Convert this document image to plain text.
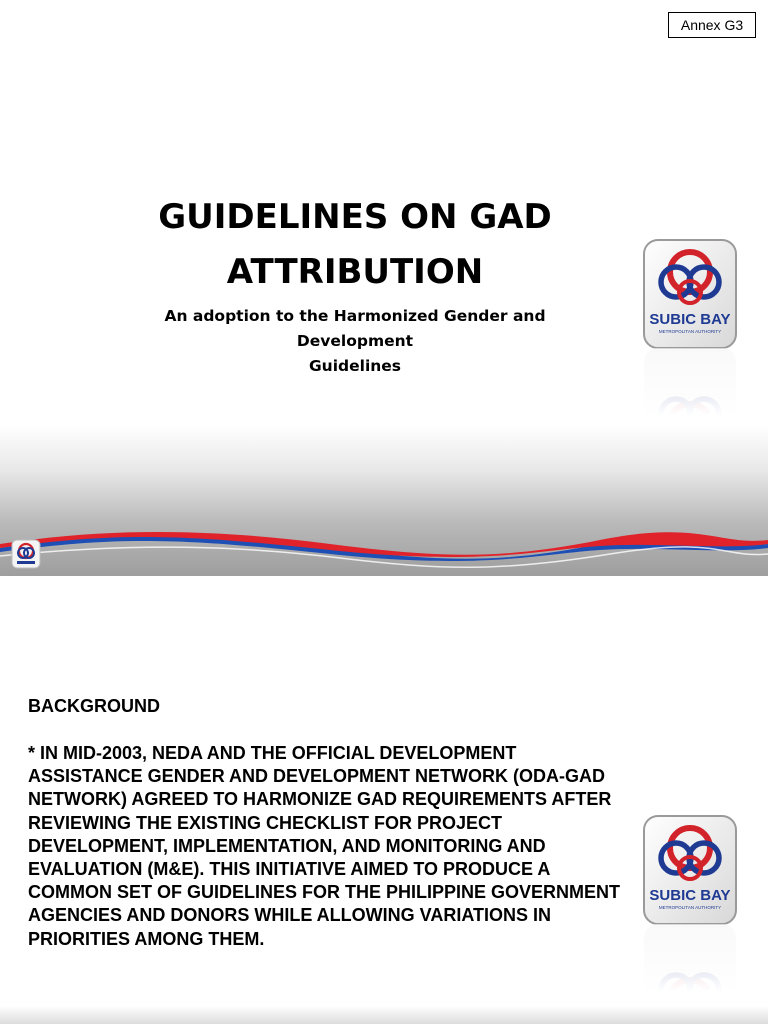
Annex G3
GUIDELINES ON GAD
ATTRIBUTION

An adoption to the Harmonized Gender and Development
Guidelines

SUBIC BAY
METROPOLITAN AUTHORITY

BACKGROUND

* IN MID-2003, NEDA AND THE OFFICIAL DEVELOPMENT ASSISTANCE GENDER AND DEVELOPMENT NETWORK (ODA-GAD NETWORK) AGREED TO HARMONIZE GAD REQUIREMENTS AFTER REVIEWING THE EXISTING CHECKLIST FOR PROJECT DEVELOPMENT, IMPLEMENTATION, AND MONITORING AND EVALUATION (M&E). THIS INITIATIVE AIMED TO PRODUCE A COMMON SET OF GUIDELINES FOR THE PHILIPPINE GOVERNMENT AGENCIES AND DONORS WHILE ALLOWING VARIATIONS IN PRIORITIES AMONG THEM.

SUBIC BAY
METROPOLITAN AUTHORITY
